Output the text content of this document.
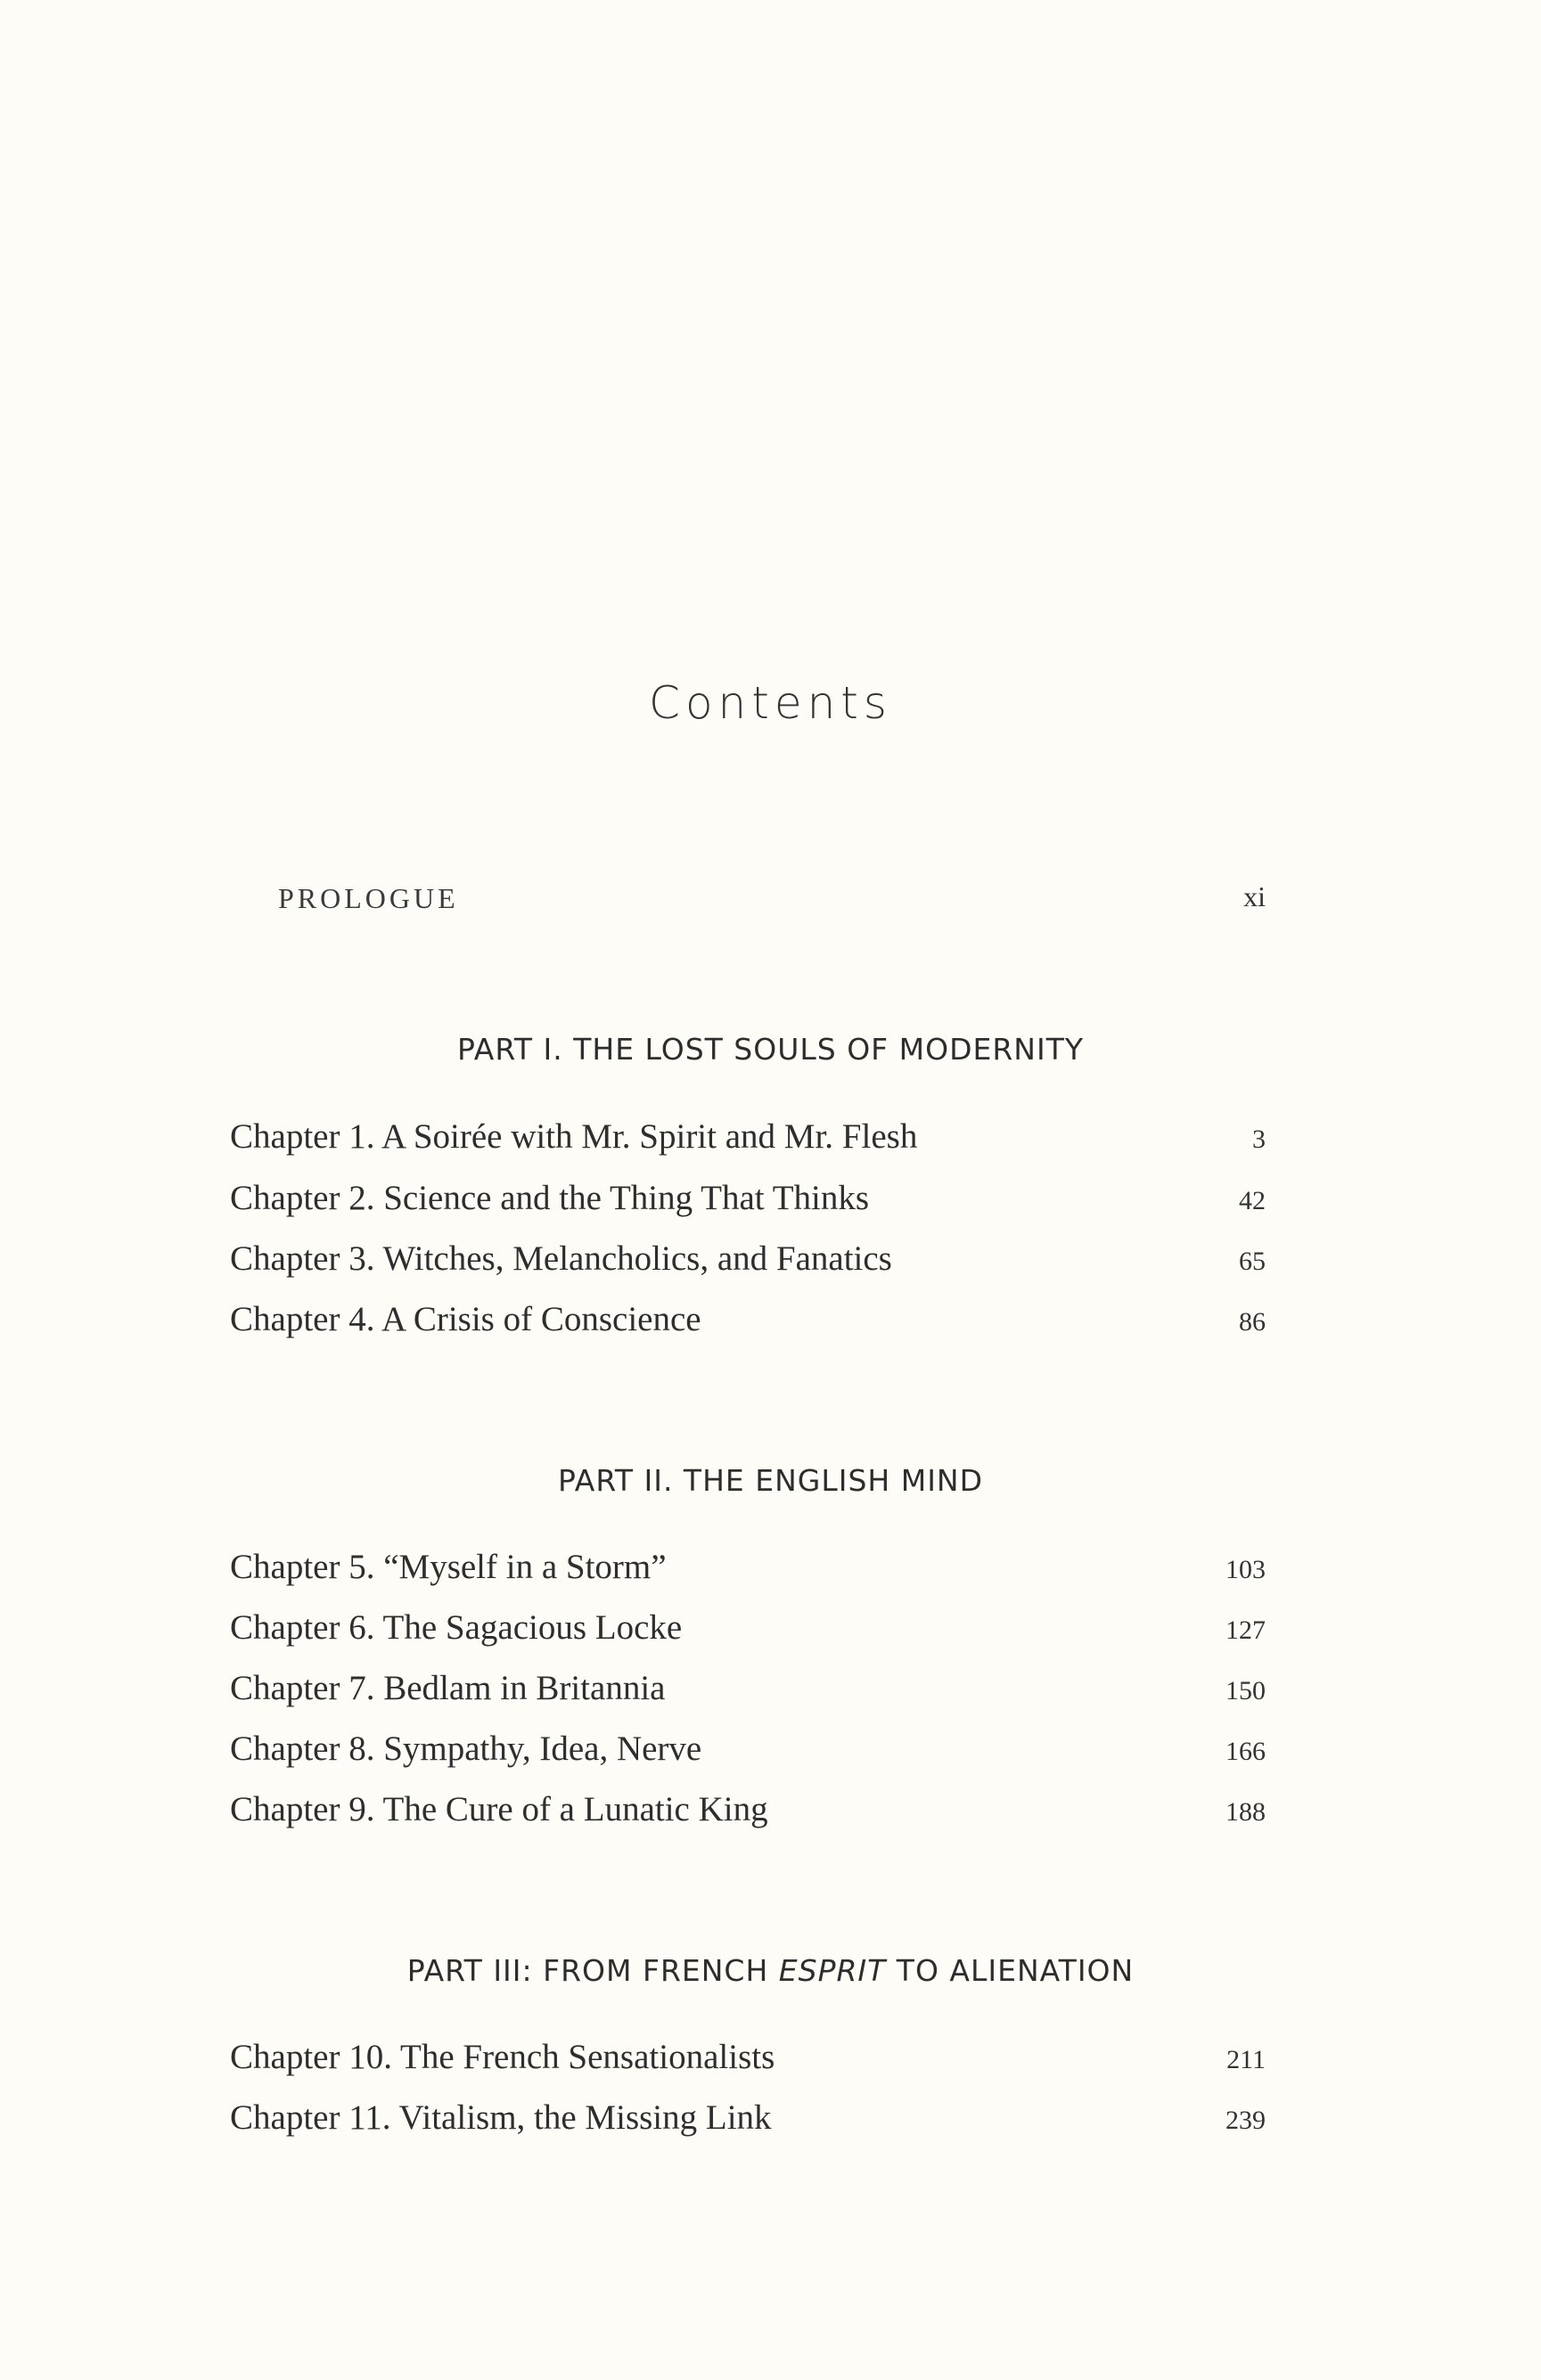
Contents
PROLOGUE	xi
PART I. THE LOST SOULS OF MODERNITY
Chapter 1. A Soirée with Mr. Spirit and Mr. Flesh	3
Chapter 2. Science and the Thing That Thinks	42
Chapter 3. Witches, Melancholics, and Fanatics	65
Chapter 4. A Crisis of Conscience	86
PART II. THE ENGLISH MIND
Chapter 5. “Myself in a Storm”	103
Chapter 6. The Sagacious Locke	127
Chapter 7. Bedlam in Britannia	150
Chapter 8. Sympathy, Idea, Nerve	166
Chapter 9. The Cure of a Lunatic King	188
PART III: FROM FRENCH ESPRIT TO ALIENATION
Chapter 10. The French Sensationalists	211
Chapter 11. Vitalism, the Missing Link	239
